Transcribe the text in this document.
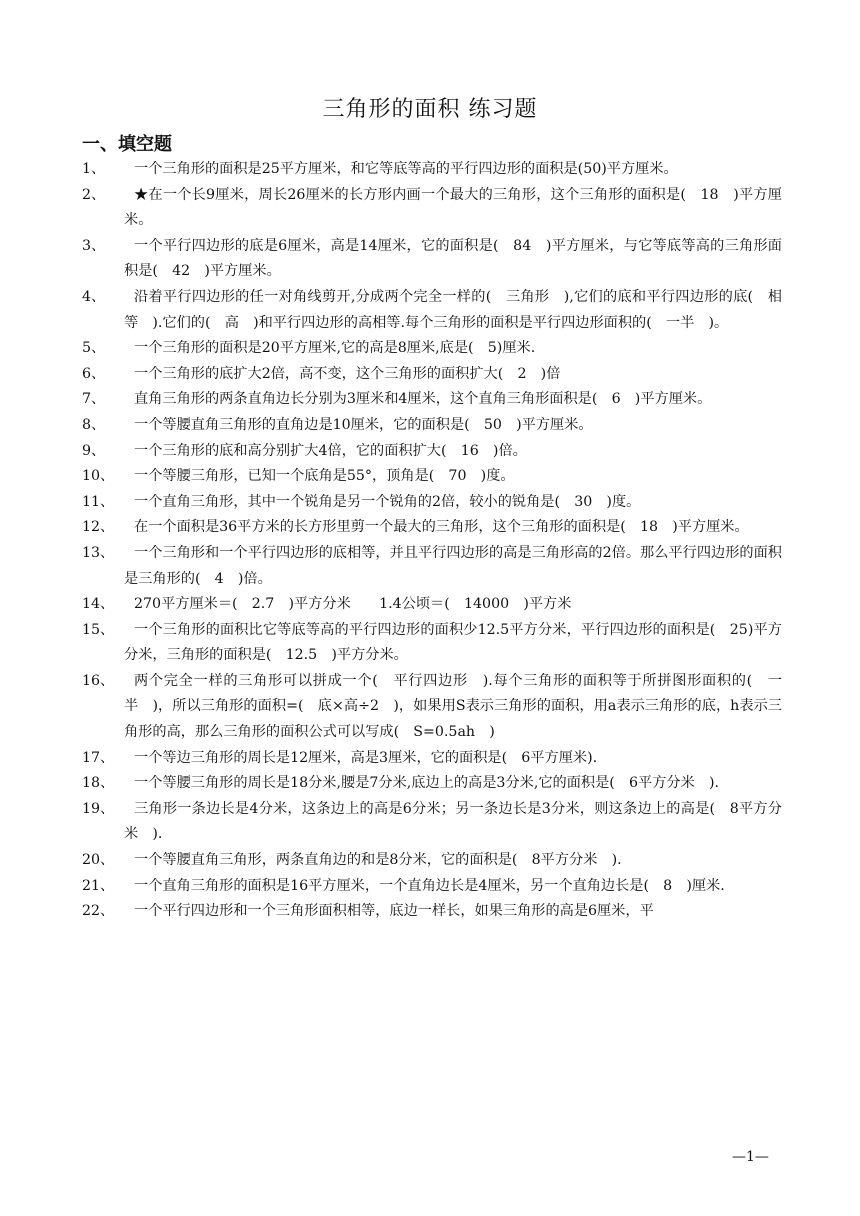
三角形的面积 练习题
一、填空题
1、	一个三角形的面积是25平方厘米，和它等底等高的平行四边形的面积是(50)平方厘米。
2、	★在一个长9厘米，周长26厘米的长方形内画一个最大的三角形，这个三角形的面积是(　18　)平方厘米。
3、	一个平行四边形的底是6厘米，高是14厘米，它的面积是(　84　)平方厘米，与它等底等高的三角形面积是(　42　)平方厘米。
4、	沿着平行四边形的任一对角线剪开,分成两个完全一样的(　三角形　),它们的底和平行四边形的底(　相等　).它们的(　高　)和平行四边形的高相等.每个三角形的面积是平行四边形面积的(　一半　)。
5、	一个三角形的面积是20平方厘米,它的高是8厘米,底是(　5)厘米.
6、	一个三角形的底扩大2倍，高不变，这个三角形的面积扩大(　2　)倍
7、	直角三角形的两条直角边长分别为3厘米和4厘米，这个直角三角形面积是(　6　)平方厘米。
8、	一个等腰直角三角形的直角边是10厘米，它的面积是(　50　)平方厘米。
9、	一个三角形的底和高分别扩大4倍，它的面积扩大(　16　)倍。
10、	一个等腰三角形，已知一个底角是55°，顶角是(　70　)度。
11、	一个直角三角形，其中一个锐角是另一个锐角的2倍，较小的锐角是(　30　)度。
12、	在一个面积是36平方米的长方形里剪一个最大的三角形，这个三角形的面积是(　18　)平方厘米。
13、	一个三角形和一个平行四边形的底相等，并且平行四边形的高是三角形高的2倍。那么平行四边形的面积是三角形的(　4　)倍。
14、	270平方厘米＝(　2.7　)平方分米　　1.4公顷＝(　14000　)平方米
15、	一个三角形的面积比它等底等高的平行四边形的面积少12.5平方分米，平行四边形的面积是(　25)平方分米，三角形的面积是(　12.5　)平方分米。
16、	两个完全一样的三角形可以拼成一个(　平行四边形　).每个三角形的面积等于所拼图形面积的(　一半　)，所以三角形的面积=(　底×高÷2　)，如果用S表示三角形的面积，用a表示三角形的底，h表示三角形的高，那么三角形的面积公式可以写成(　S=0.5ah　)
17、	一个等边三角形的周长是12厘米，高是3厘米，它的面积是(　6平方厘米).
18、	一个等腰三角形的周长是18分米,腰是7分米,底边上的高是3分米,它的面积是(　6平方分米　).
19、	三角形一条边长是4分米，这条边上的高是6分米；另一条边长是3分米，则这条边上的高是(　8平方分米　).
20、	一个等腰直角三角形，两条直角边的和是8分米，它的面积是(　8平方分米　).
21、	一个直角三角形的面积是16平方厘米，一个直角边长是4厘米，另一个直角边长是(　8　)厘米.
22、	一个平行四边形和一个三角形面积相等，底边一样长，如果三角形的高是6厘米，平
—1—
